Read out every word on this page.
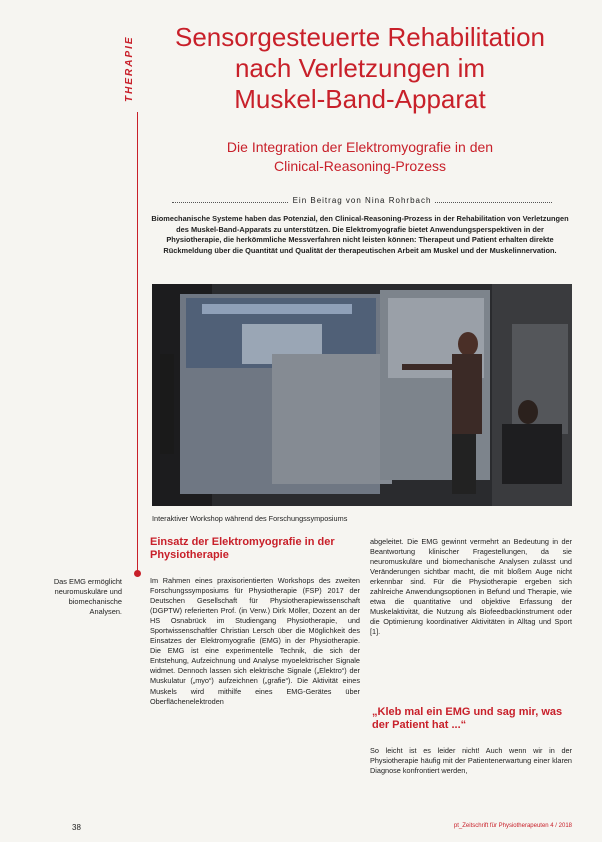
THERAPIE	Sensorgesteuerte Rehabilitation
nach Verletzungen im
Muskel-Band-Apparat
Die Integration der Elektromyografie in den
Clinical-Reasoning-Prozess
Ein Beitrag von Nina Rohrbach
Biomechanische Systeme haben das Potenzial, den Clinical-Reasoning-Prozess in der Rehabilitation von Verletzungen des Muskel-Band-Apparats zu unterstützen. Die Elektromyografie bietet Anwendungsperspektiven in der Physiotherapie, die herkömmliche Messverfahren nicht leisten können: Therapeut und Patient erhalten direkte Rückmeldung über die Quantität und Qualität der therapeutischen Arbeit am Muskel und der Muskelinnervation.
Interaktiver Workshop während des Forschungssymposiums
Das EMG ermöglicht neuromuskuläre und biomechanische Analysen.
Einsatz der Elektromyografie in der Physiotherapie
Im Rahmen eines praxisorientierten Workshops des zweiten Forschungssymposiums für Physiotherapie (FSP) 2017 der Deutschen Gesellschaft für Physiotherapiewissenschaft (DGPTW) referierten Prof. (in Verw.) Dirk Möller, Dozent an der HS Osnabrück im Studiengang Physiotherapie, und Sportwissenschaftler Christian Lersch über die Möglichkeit des Einsatzes der Elektromyografie (EMG) in der Physiotherapie. Die EMG ist eine experimentelle Technik, die sich der Entstehung, Aufzeichnung und Analyse myoelektrischer Signale widmet. Dennoch lassen sich elektrische Signale („Elektro“) der Muskulatur („myo“) aufzeichnen („grafie“). Die Aktivität eines Muskels wird mithilfe eines EMG-Gerätes über Oberflächenelektroden
abgeleitet. Die EMG gewinnt vermehrt an Bedeutung in der Beantwortung klinischer Fragestellungen, da sie neuromuskuläre und biomechanische Analysen zulässt und Veränderungen sichtbar macht, die mit bloßem Auge nicht erkennbar sind. Für die Physiotherapie ergeben sich zahlreiche Anwendungsoptionen in Befund und Therapie, wie etwa die quantitative und objektive Erfassung der Muskelaktivität, die Nutzung als Biofeedbackinstrument oder die Optimierung koordinativer Aktivitäten in Alltag und Sport [1].
„Kleb mal ein EMG und sag mir, was der Patient hat ...“
So leicht ist es leider nicht! Auch wenn wir in der Physiotherapie häufig mit der Patientenerwartung einer klaren Diagnose konfrontiert werden,
38	pt_Zeitschrift für Physiotherapeuten 4 / 2018
